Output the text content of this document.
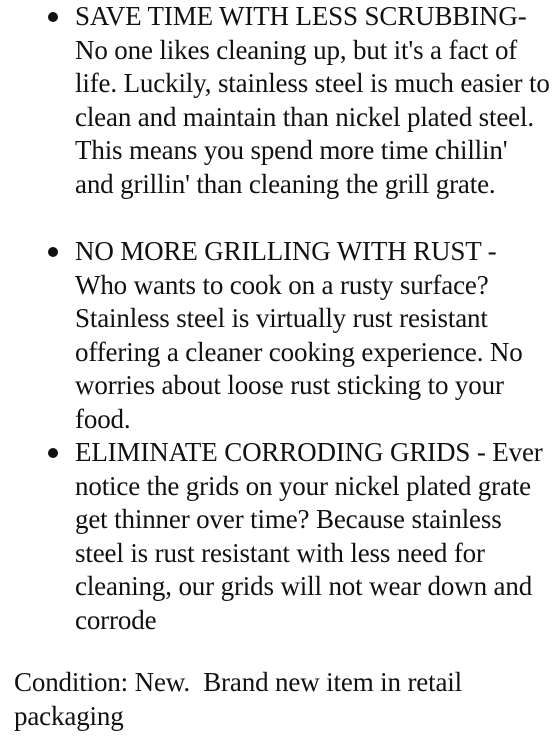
SAVE TIME WITH LESS SCRUBBING- No one likes cleaning up, but it's a fact of life. Luckily, stainless steel is much easier to clean and maintain than nickel plated steel. This means you spend more time chillin' and grillin' than cleaning the grill grate.
NO MORE GRILLING WITH RUST - Who wants to cook on a rusty surface? Stainless steel is virtually rust resistant offering a cleaner cooking experience. No worries about loose rust sticking to your food.
ELIMINATE CORRODING GRIDS - Ever notice the grids on your nickel plated grate get thinner over time? Because stainless steel is rust resistant with less need for cleaning, our grids will not wear down and corrode
Condition: New.  Brand new item in retail packaging
